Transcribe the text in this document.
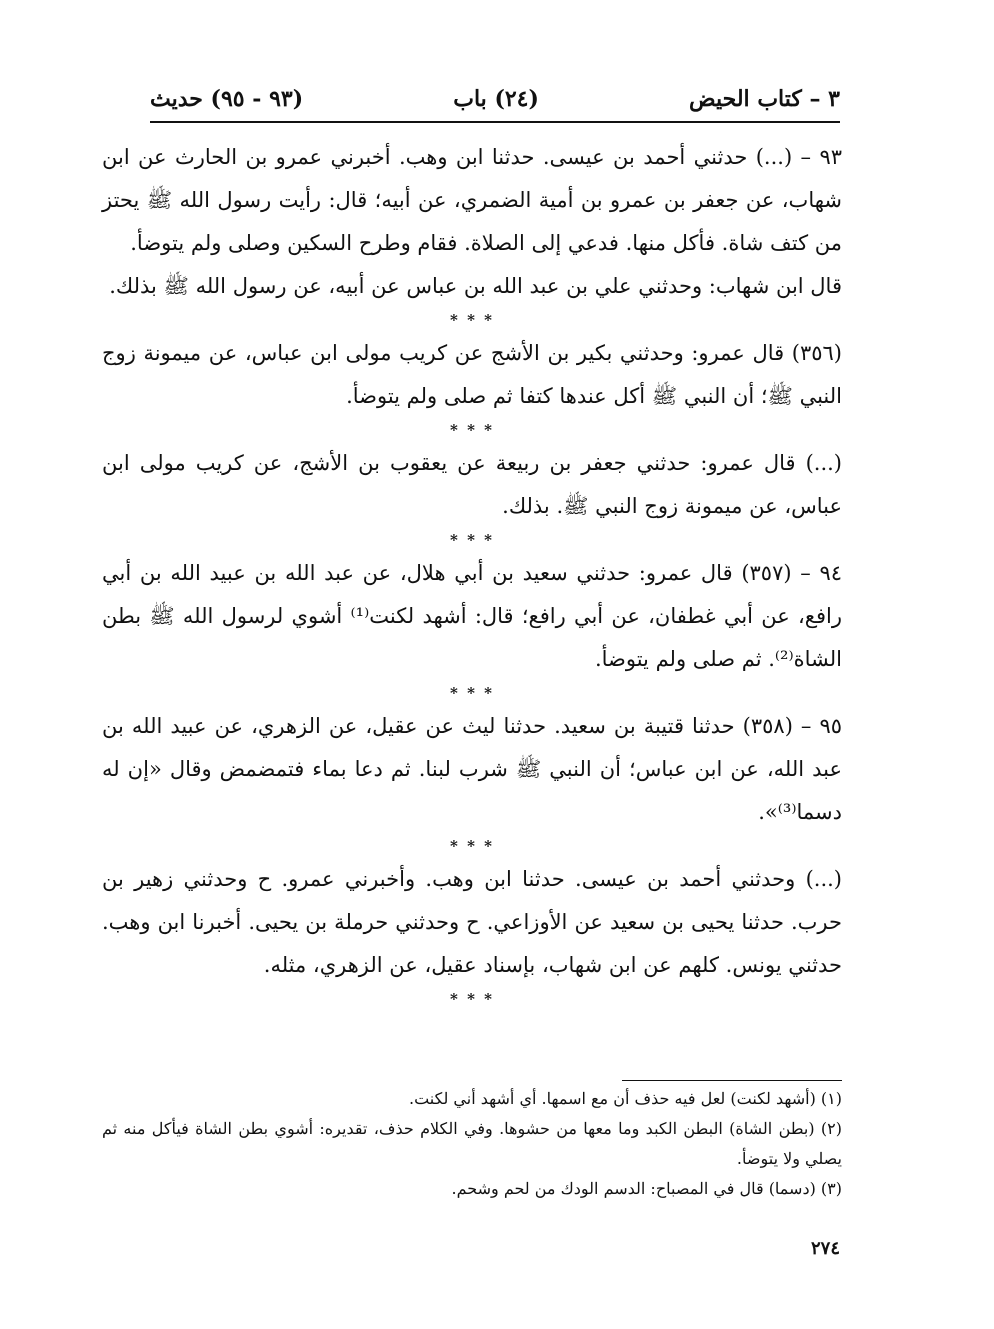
٣ – كتاب الحيض
(٢٤) باب
(٩٣ - ٩٥) حديث

٩٣ – (...) حدثني أحمد بن عيسى. حدثنا ابن وهب. أخبرني عمرو بن الحارث عن ابن شهاب، عن جعفر بن عمرو بن أمية الضمري، عن أبيه؛ قال: رأيت رسول الله ﷺ يحتز من كتف شاة. فأكل منها. فدعي إلى الصلاة. فقام وطرح السكين وصلى ولم يتوضأ.

قال ابن شهاب: وحدثني علي بن عبد الله بن عباس عن أبيه، عن رسول الله ﷺ بذلك.

* * *

(٣٥٦) قال عمرو: وحدثني بكير بن الأشج عن كريب مولى ابن عباس، عن ميمونة زوج النبي ﷺ؛ أن النبي ﷺ أكل عندها كتفا ثم صلى ولم يتوضأ.

* * *

(...) قال عمرو: حدثني جعفر بن ربيعة عن يعقوب بن الأشج، عن كريب مولى ابن عباس، عن ميمونة زوج النبي ﷺ. بذلك.

* * *

٩٤ – (٣٥٧) قال عمرو: حدثني سعيد بن أبي هلال، عن عبد الله بن عبيد الله بن أبي رافع، عن أبي غطفان، عن أبي رافع؛ قال: أشهد لكنت⁽¹⁾ أشوي لرسول الله ﷺ بطن الشاة⁽²⁾. ثم صلى ولم يتوضأ.

* * *

٩٥ – (٣٥٨) حدثنا قتيبة بن سعيد. حدثنا ليث عن عقيل، عن الزهري، عن عبيد الله بن عبد الله، عن ابن عباس؛ أن النبي ﷺ شرب لبنا. ثم دعا بماء فتمضمض وقال «إن له دسما⁽³⁾».

* * *

(...) وحدثني أحمد بن عيسى. حدثنا ابن وهب. وأخبرني عمرو. ح وحدثني زهير بن حرب. حدثنا يحيى بن سعيد عن الأوزاعي. ح وحدثني حرملة بن يحيى. أخبرنا ابن وهب. حدثني يونس. كلهم عن ابن شهاب، بإسناد عقيل، عن الزهري، مثله.

* * *

(١) (أشهد لكنت) لعل فيه حذف أن مع اسمها. أي أشهد أني لكنت.

(٢) (بطن الشاة) البطن الكبد وما معها من حشوها. وفي الكلام حذف، تقديره: أشوي بطن الشاة فيأكل منه ثم يصلي ولا يتوضأ.

(٣) (دسما) قال في المصباح: الدسم الودك من لحم وشحم.

٢٧٤
